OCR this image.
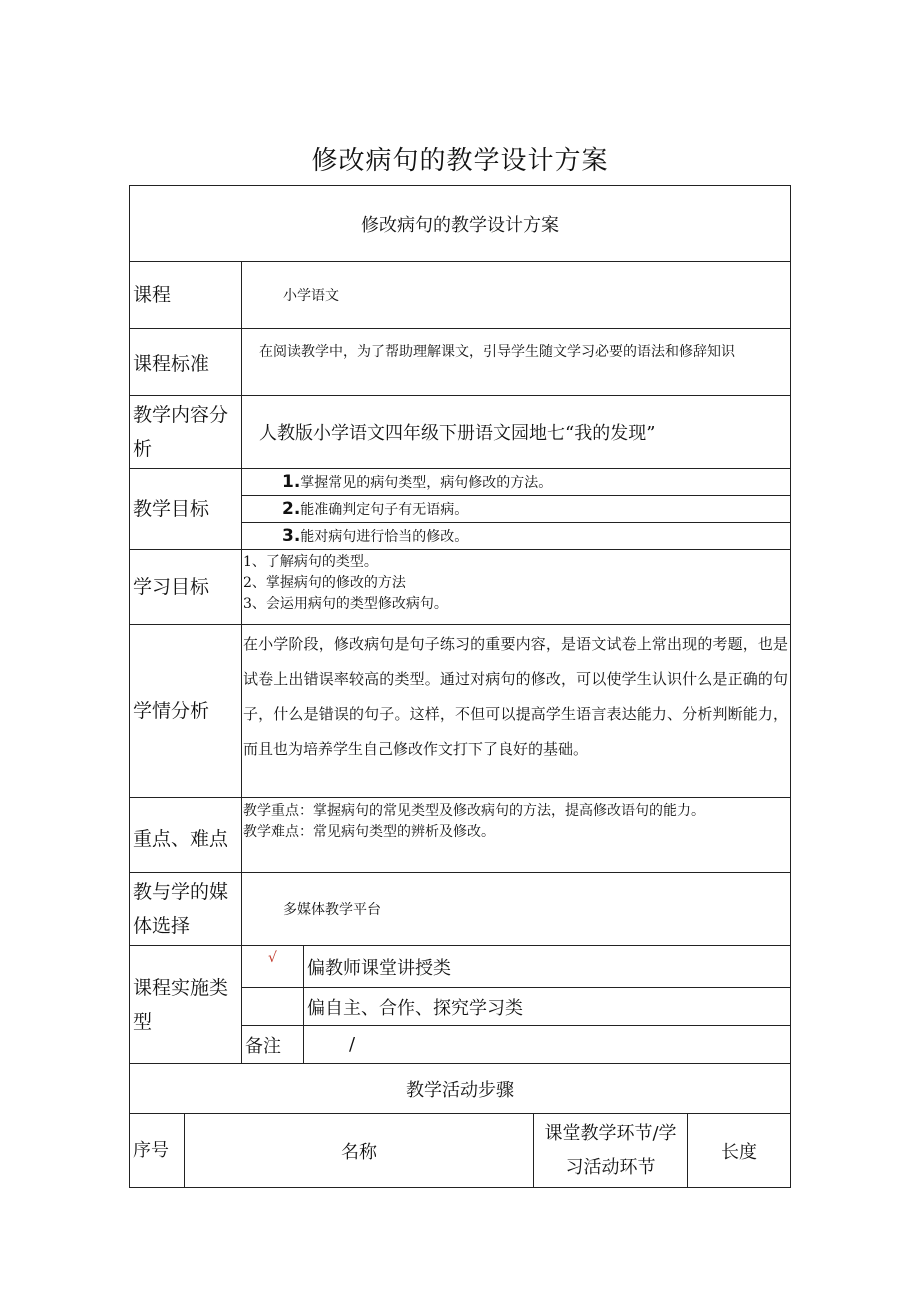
修改病句的教学设计方案
修改病句的教学设计方案					
课程		小学语文			
课程标准		在阅读教学中，为了帮助理解课文，引导学生随文学习必要的语法和修辞知识			
教学内容分析		人教版小学语文四年级下册语文园地七“我的发现”			
教学目标		1.掌握常见的病句类型，病句修改的方法。			
		2.能准确判定句子有无语病。			
		3.能对病句进行恰当的修改。			
学习目标		1、了解病句的类型。
2、掌握病句的修改的方法
3、会运用病句的类型修改病句。			

学情分析		在小学阶段，修改病句是句子练习的重要内容，是语文试卷上常出现的考题，也是试卷上出错误率较高的类型。通过对病句的修改，可以使学生认识什么是正确的句子，什么是错误的句子。这样，不但可以提高学生语言表达能力、分析判断能力，而且也为培养学生自己修改作文打下了良好的基础。			
重点、难点		教学重点：掌握病句的常见类型及修改病句的方法，提高修改语句的能力。
教学难点：常见病句类型的辨析及修改。			

教与学的媒体选择		多媒体教学平台			
课程实施类型		√	偏教师课堂讲授类		
			偏自主、合作、探究学习类		
		备注	/		
教学活动步骤					
序号	名称			课堂教学环节/学习活动环节	长度
